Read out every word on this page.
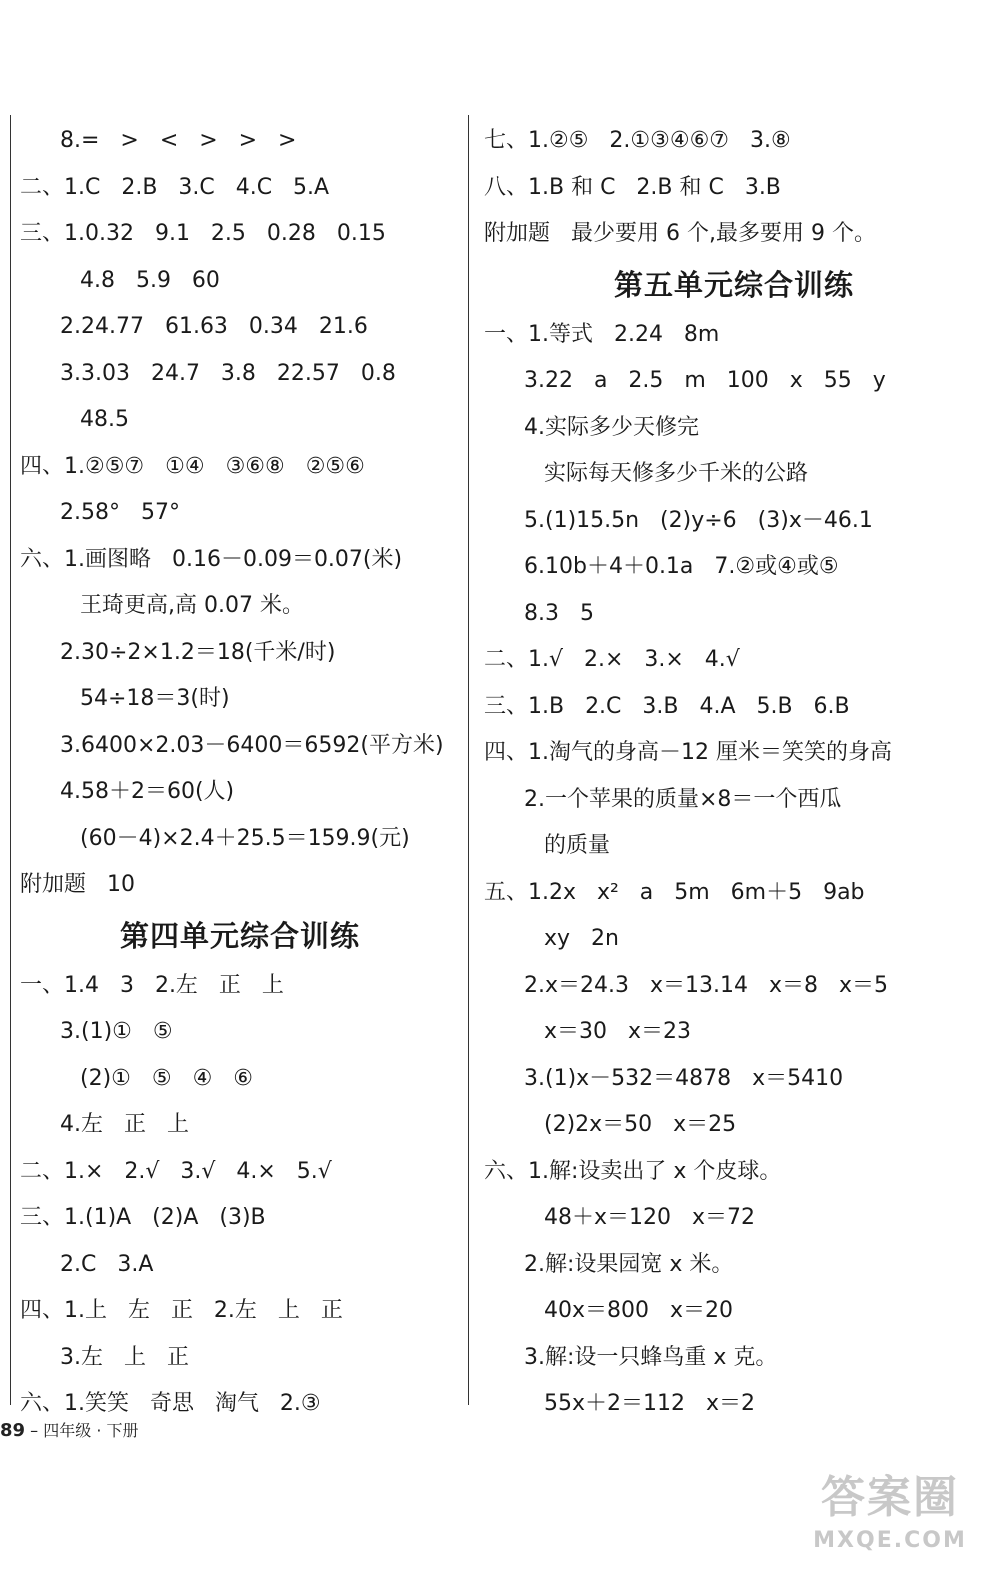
8.=   >   <   >   >   >
二、1.C   2.B   3.C   4.C   5.A
三、1.0.32   9.1   2.5   0.28   0.15
4.8   5.9   60
2.24.77   61.63   0.34   21.6
3.3.03   24.7   3.8   22.57   0.8
48.5
四、1.②⑤⑦   ①④   ③⑥⑧   ②⑤⑥
2.58°   57°
六、1.画图略   0.16－0.09＝0.07(米)
王琦更高,高 0.07 米。
2.30÷2×1.2＝18(千米/时)
54÷18＝3(时)
3.6400×2.03－6400＝6592(平方米)
4.58＋2＝60(人)
(60－4)×2.4＋25.5＝159.9(元)
附加题   10
第四单元综合训练
一、1.4   3   2.左   正   上
3.(1)①   ⑤
(2)①   ⑤   ④   ⑥
4.左   正   上
二、1.×   2.√   3.√   4.×   5.√
三、1.(1)A   (2)A   (3)B
2.C   3.A
四、1.上   左   正   2.左   上   正
3.左   上   正
六、1.笑笑   奇思   淘气   2.③
七、1.②⑤   2.①③④⑥⑦   3.⑧
八、1.B 和 C   2.B 和 C   3.B
附加题   最少要用 6 个,最多要用 9 个。
第五单元综合训练
一、1.等式   2.24   8m
3.22   a   2.5   m   100   x   55   y
4.实际多少天修完
实际每天修多少千米的公路
5.(1)15.5n   (2)y÷6   (3)x－46.1
6.10b＋4＋0.1a   7.②或④或⑤
8.3   5
二、1.√   2.×   3.×   4.√
三、1.B   2.C   3.B   4.A   5.B   6.B
四、1.淘气的身高－12 厘米＝笑笑的身高
2.一个苹果的质量×8＝一个西瓜
的质量
五、1.2x   x²   a   5m   6m＋5   9ab
xy   2n
2.x＝24.3   x＝13.14   x＝8   x＝5
x＝30   x＝23
3.(1)x－532＝4878   x＝5410
(2)2x＝50   x＝25
六、1.解:设卖出了 x 个皮球。
48＋x＝120   x＝72
2.解:设果园宽 x 米。
40x＝800   x＝20
3.解:设一只蜂鸟重 x 克。
55x＋2＝112   x＝2
89 – 四年级 · 下册
答案圈
MXQE.COM
